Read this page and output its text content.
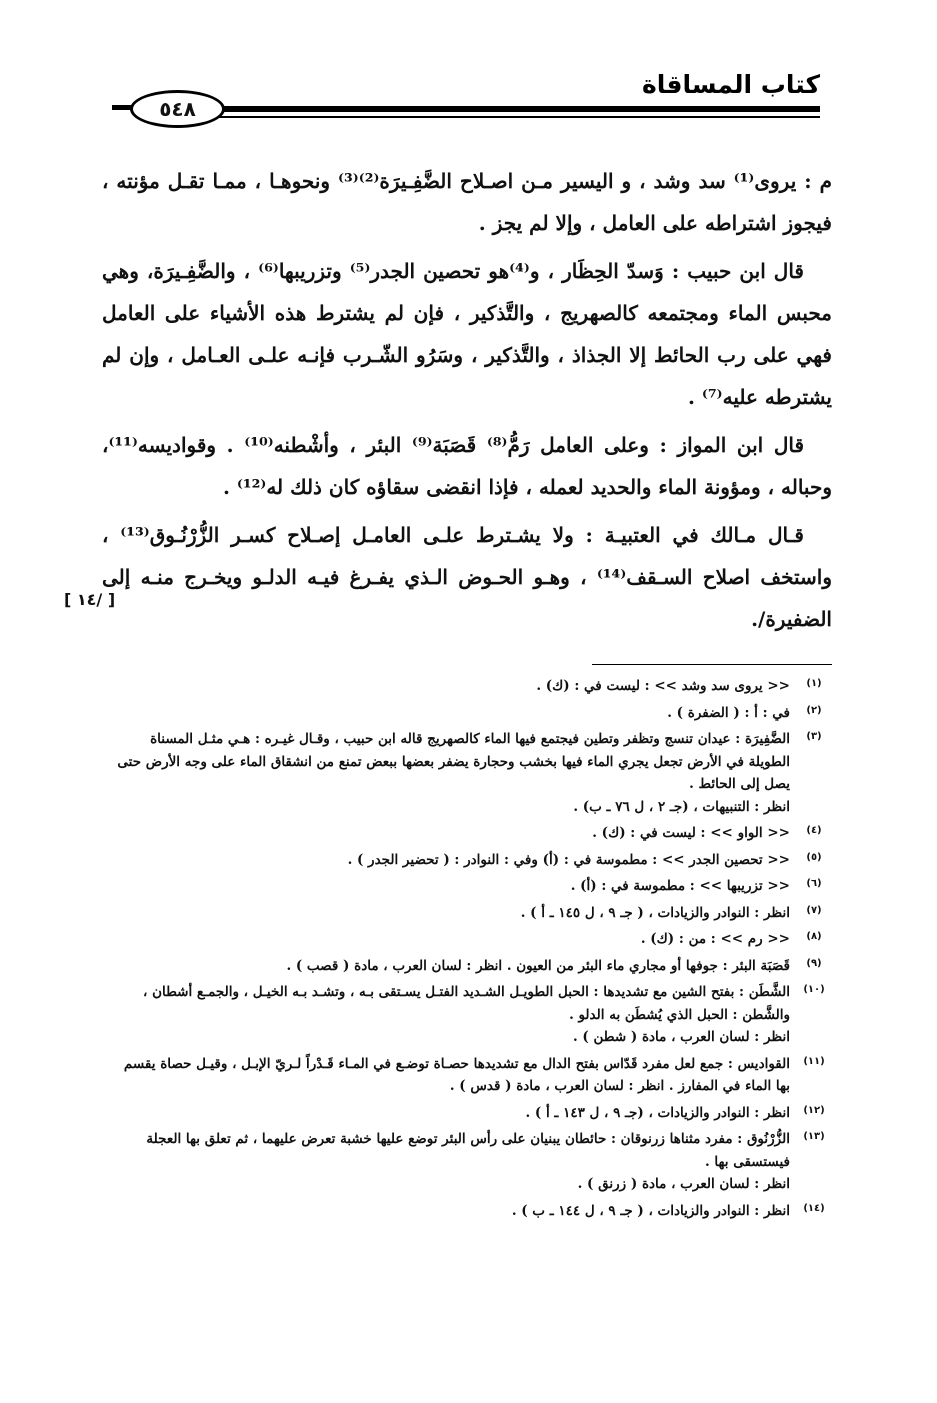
كتاب المساقاة
٥٤٨

م : يروى⁽¹⁾ سد وشد ، و اليسير مـن اصـلاح الضَّفِـيرَة⁽²⁾⁽³⁾ ونحوهـا ، ممـا تقـل مؤنته ، فيجوز اشتراطه على العامل ، وإلا لم يجز .

قال ابن حبيب : وَسدّ الحِظَار ، و⁽⁴⁾هو تحصين الجدر⁽⁵⁾ وتزريبها⁽⁶⁾ ، والضَّفِـيرَة، وهي محبس الماء ومجتمعه كالصهريج ، والتَّذكير ، فإن لم يشترط هذه الأشياء على العامل فهي على رب الحائط إلا الجذاذ ، والتَّذكير ، وسَرُو الشّـرب فإنـه علـى العـامل ، وإن لم يشترطه عليه⁽⁷⁾ .

قال ابن المواز : وعلى العامل رَمُّ⁽⁸⁾ قَصَبَة⁽⁹⁾ البئر ، وأشْطنه⁽¹⁰⁾ . وقواديسه⁽¹¹⁾، وحباله ، ومؤونة الماء والحديد لعمله ، فإذا انقضى سقاؤه كان ذلك له⁽¹²⁾ .

قـال مـالك في العتبيـة : ولا يشـترط علـى العامـل إصـلاح كسـر الزُّرْنُـوق⁽¹³⁾ ، واستخف اصلاح السـقف⁽¹⁴⁾ ، وهـو الحـوض الـذي يفـرغ فيـه الدلـو ويخـرج منـه إلى الضفيرة/.

[ ١٤/ ]
(١)
<< يروى سد وشد >> : ليست في : (ك) .
(٢)
في : أ : ( الضفرة ) .
(٣)
الضَّفِيرَة : عيدان تنسج وتظفر وتطين فيجتمع فيها الماء كالصهريج قاله ابن حبيب ، وقـال غيـره : هـي مثـل المسناة الطويلة في الأرض تجعل يجري الماء فيها بخشب وحجارة يضفر بعضها ببعض تمنع من انشقاق الماء على وجه الأرض حتى يصل إلى الحائط .
انظر : التنبيهات ، (جـ ٢ ، ل ٧٦ ـ ب) .
(٤)
<< الواو >> : ليست في : (ك) .
(٥)
<< تحصين الجدر >> : مطموسة في : (أ) وفي : النوادر : ( تحضير الجدر ) .
(٦)
<< تزريبها >> : مطموسة في : (أ) .
(٧)
انظر : النوادر والزيادات ، ( جـ ٩ ، ل ١٤٥ ـ أ ) .
(٨)
<< رم >> : من : (ك) .
(٩)
قَصَبَة البئر : جوفها أو مجاري ماء البئر من العيون . انظر : لسان العرب ، مادة ( قصب ) .
(١٠)
الشَّطَن : بفتح الشين مع تشديدها : الحبل الطويـل الشـديد الفتـل يسـتقى بـه ، وتشـد بـه الخيـل ، والجمـع أشطان ، والشَّطن : الحبل الذي يُشطَن به الدلو .
انظر : لسان العرب ، مادة ( شطن ) .
(١١)
القواديس : جمع لعل مفرد قَدّاس بفتح الدال مع تشديدها حصـاة توضـع في المـاء قَـدْراً لـريّ الإبـل ، وقيـل حصاة يقسم بها الماء في المفارز . انظر : لسان العرب ، مادة ( قدس ) .
(١٢)
انظر : النوادر والزيادات ، (جـ ٩ ، ل ١٤٣ ـ أ ) .
(١٣)
الزُّرْنُوق : مفرد مثناها زرنوقان : حائطان يبنيان على رأس البئر توضع عليها خشبة تعرض عليهما ، ثم تعلق بها العجلة فيستسقى بها .
انظر : لسان العرب ، مادة ( زرنق ) .
(١٤)
انظر : النوادر والزيادات ، ( جـ ٩ ، ل ١٤٤ ـ ب ) .
